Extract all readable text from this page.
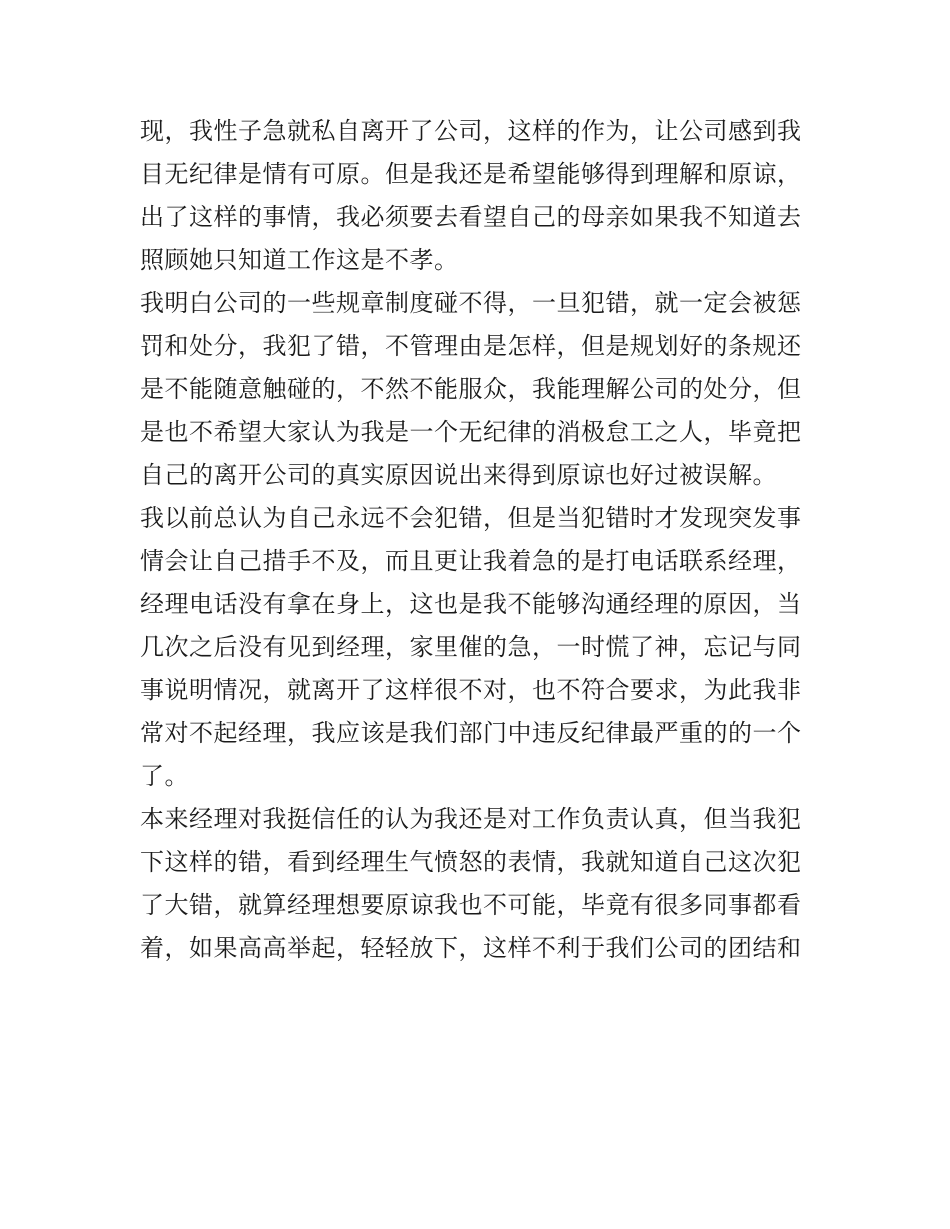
现，我性子急就私自离开了公司，这样的作为，让公司感到我
目无纪律是情有可原。但是我还是希望能够得到理解和原谅，
出了这样的事情，我必须要去看望自己的母亲如果我不知道去
照顾她只知道工作这是不孝。
我明白公司的一些规章制度碰不得，一旦犯错，就一定会被惩
罚和处分，我犯了错，不管理由是怎样，但是规划好的条规还
是不能随意触碰的，不然不能服众，我能理解公司的处分，但
是也不希望大家认为我是一个无纪律的消极怠工之人，毕竟把
自己的离开公司的真实原因说出来得到原谅也好过被误解。
我以前总认为自己永远不会犯错，但是当犯错时才发现突发事
情会让自己措手不及，而且更让我着急的是打电话联系经理，
经理电话没有拿在身上，这也是我不能够沟通经理的原因，当
几次之后没有见到经理，家里催的急，一时慌了神，忘记与同
事说明情况，就离开了这样很不对，也不符合要求，为此我非
常对不起经理，我应该是我们部门中违反纪律最严重的的一个
了。
本来经理对我挺信任的认为我还是对工作负责认真，但当我犯
下这样的错，看到经理生气愤怒的表情，我就知道自己这次犯
了大错，就算经理想要原谅我也不可能，毕竟有很多同事都看
着，如果高高举起，轻轻放下，这样不利于我们公司的团结和
